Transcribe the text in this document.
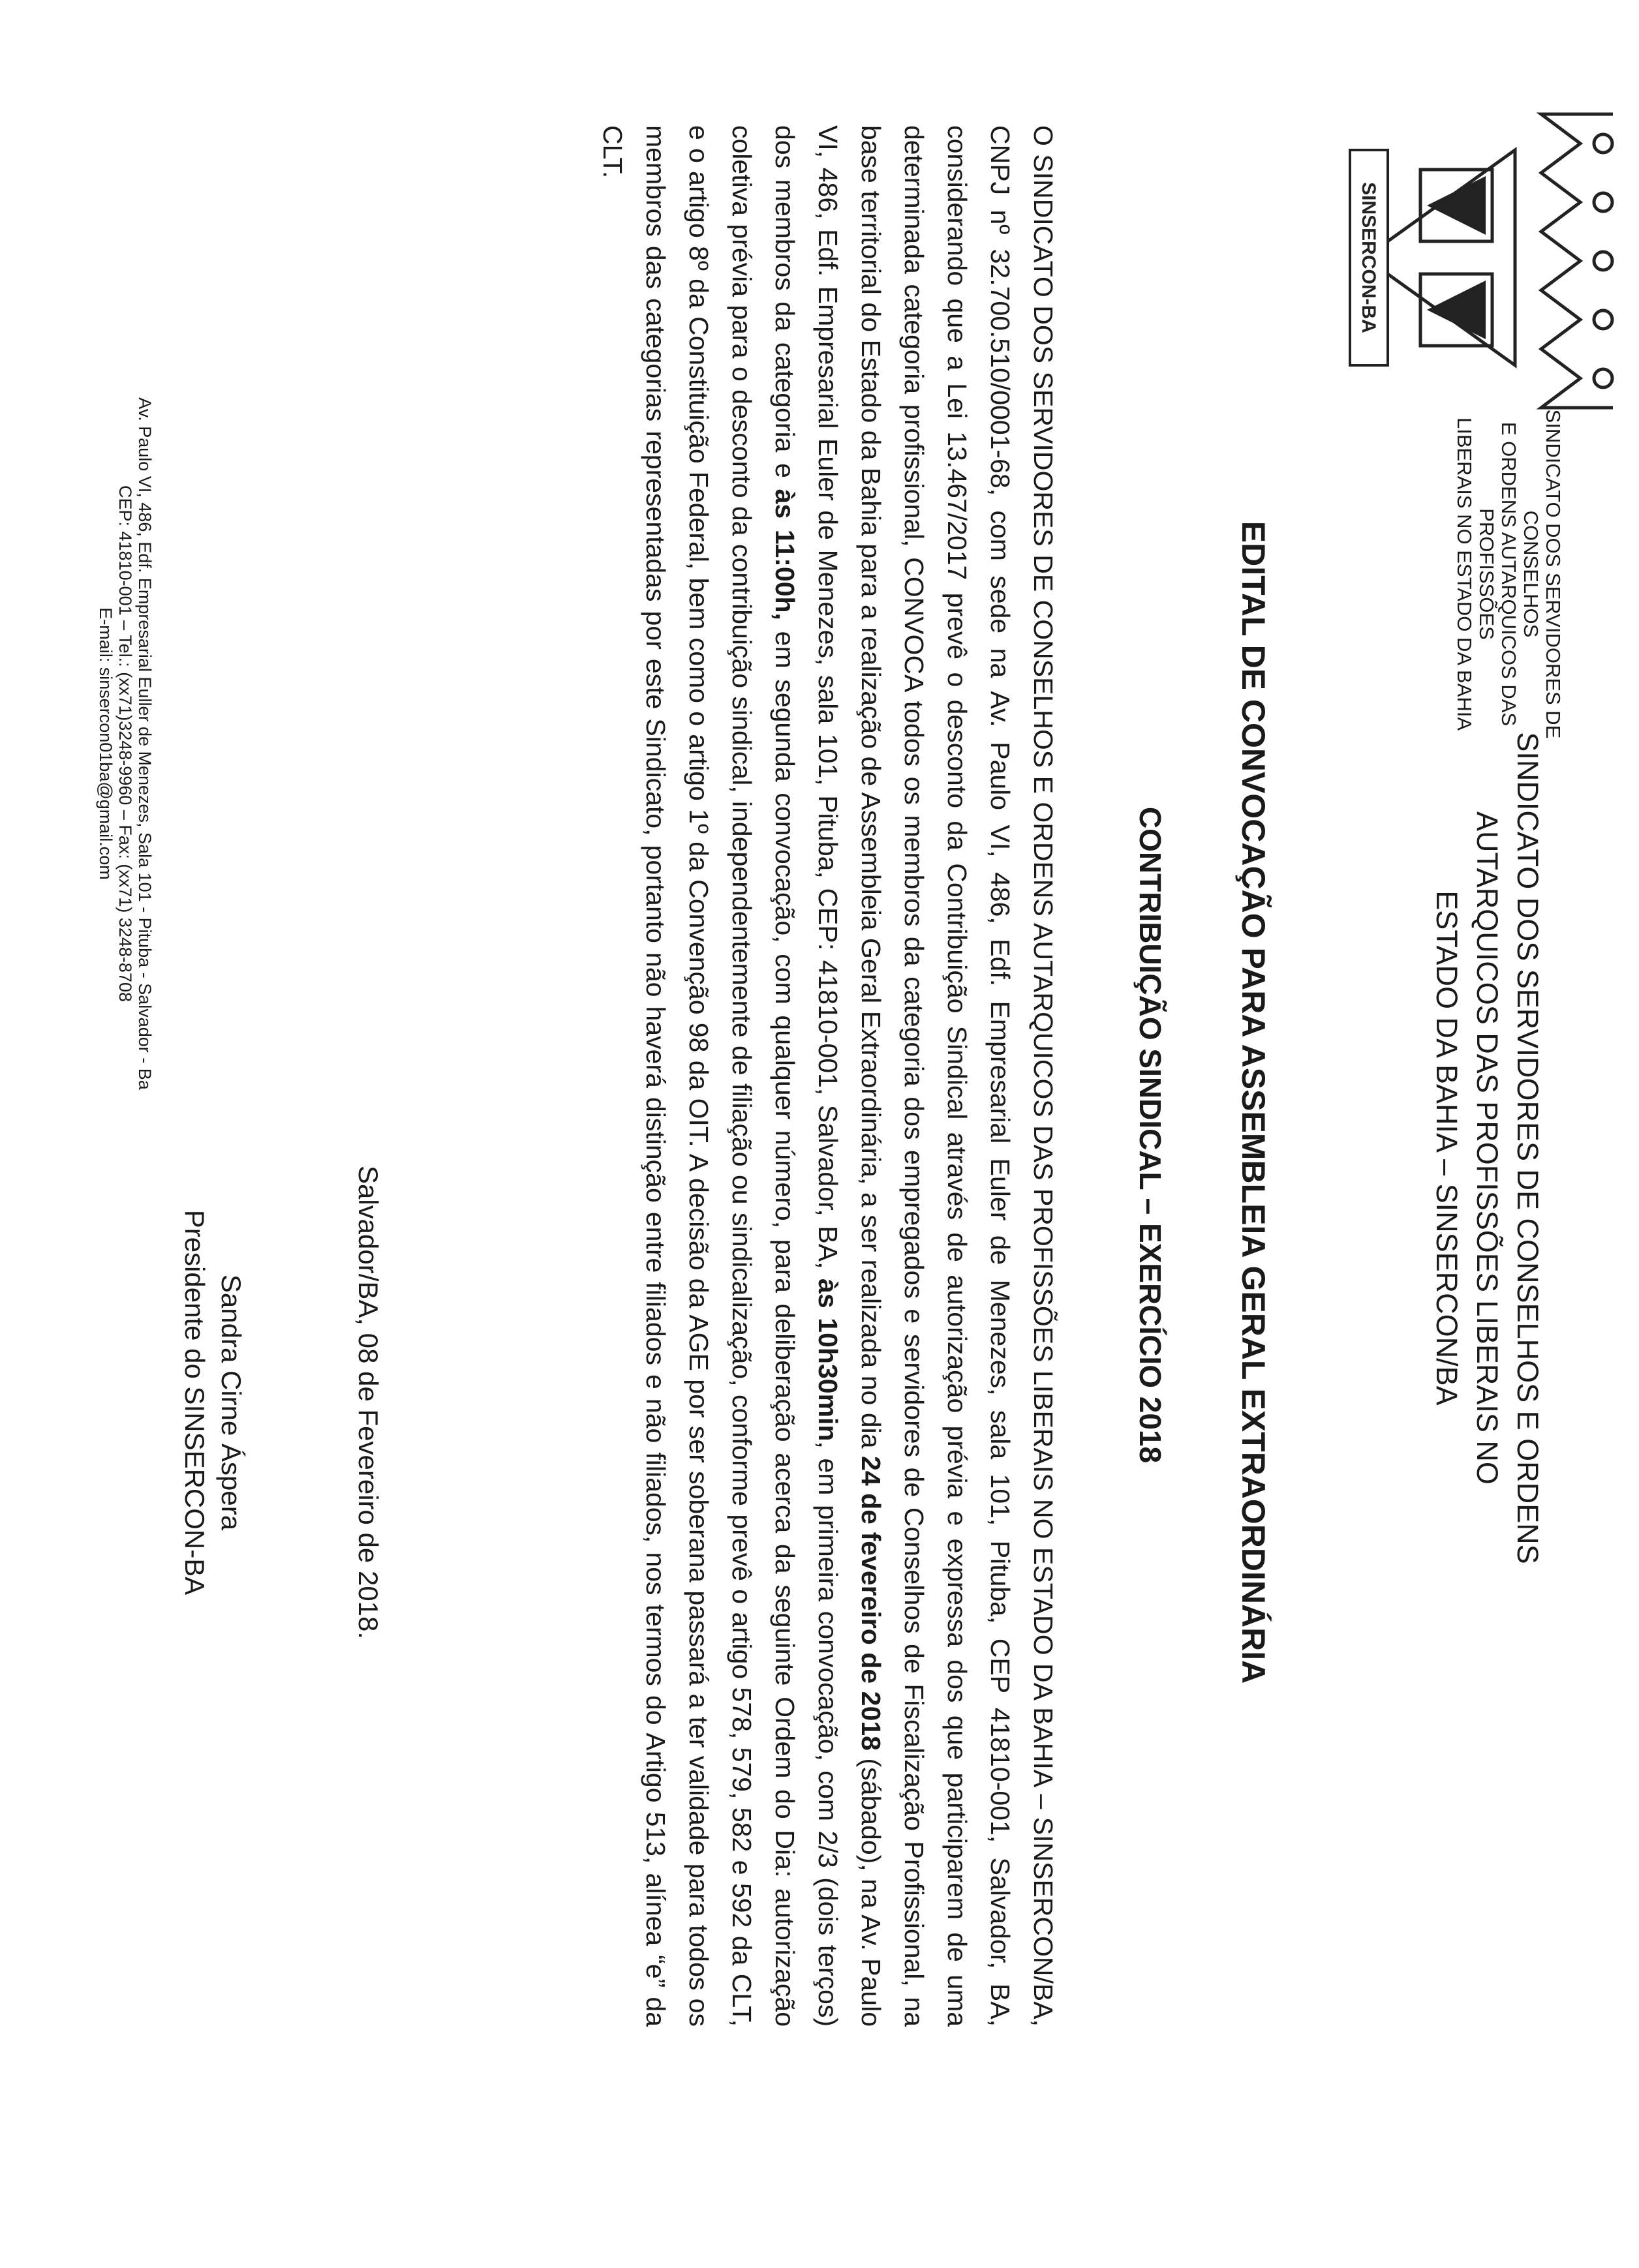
SINSERCON-BA
SINDICATO DOS SERVIDORES DE CONSELHOS
E ORDENS AUTARQUICOS DAS PROFISSÕES
LIBERAIS NO ESTADO DA BAHIA
SINDICATO DOS SERVIDORES DE CONSELHOS E ORDENS
AUTARQUICOS DAS PROFISSÕES LIBERAIS NO
ESTADO DA BAHIA – SINSERCON/BA
EDITAL DE CONVOCAÇÃO PARA ASSEMBLEIA GERAL EXTRAORDINÁRIA
CONTRIBUIÇÃO SINDICAL – EXERCÍCIO 2018
O SINDICATO DOS SERVIDORES DE CONSELHOS E ORDENS AUTARQUICOS DAS PROFISSÕES LIBERAIS NO ESTADO DA BAHIA – SINSERCON/BA, CNPJ nº 32.700.510/0001-68, com sede na Av. Paulo VI, 486, Edf. Empresarial Euler de Menezes, sala 101, Pituba, CEP 41810-001, Salvador, BA, considerando que a Lei 13.467/2017 prevê o desconto da Contribuição Sindical através de autorização prévia e expressa dos que participarem de uma determinada categoria profissional, CONVOCA todos os membros da categoria dos empregados e servidores de Conselhos de Fiscalização Profissional, na base territorial do Estado da Bahia para a realização de Assembleia Geral Extraordinária, a ser realizada no dia 24 de fevereiro de 2018 (sábado), na Av. Paulo VI, 486, Edf. Empresarial Euler de Menezes, sala 101, Pituba, CEP: 41810-001, Salvador, BA, às 10h30min, em primeira convocação, com 2/3 (dois terços) dos membros da categoria e às 11:00h, em segunda convocação, com qualquer número, para deliberação acerca da seguinte Ordem do Dia: autorização coletiva prévia para o desconto da contribuição sindical, independentemente de filiação ou sindicalização, conforme prevê o artigo 578, 579, 582 e 592 da CLT, e o artigo 8º da Constituição Federal, bem como o artigo 1º da Convenção 98 da OIT. A decisão da AGE por ser soberana passará a ter validade para todos os membros das categorias representadas por este Sindicato, portanto não haverá distinção entre filiados e não filiados, nos termos do Artigo 513, alínea “e” da CLT.
Salvador/BA, 08 de Fevereiro de 2018.
Sandra Cirne Áspera
Presidente do SINSERCON-BA
Av. Paulo VI, 486, Edf. Empresarial Euller de Menezes, Sala 101 - Pituba - Salvador - Ba
CEP: 41810-001 – Tel.: (xx71)3248-9960 – Fax: (xx71) 3248-8708
E-mail: sinsercon01ba@gmail.com
